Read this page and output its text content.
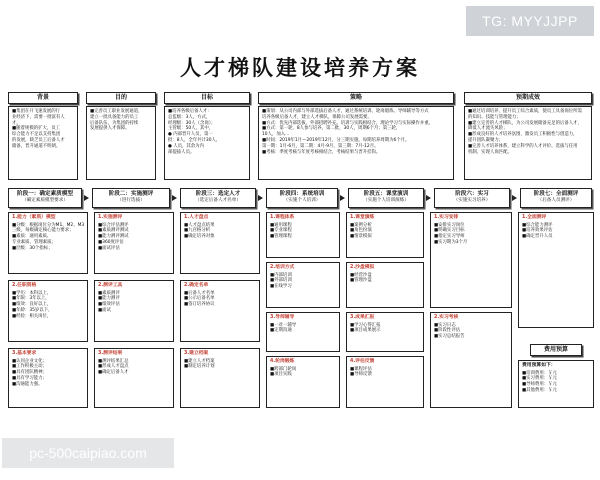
TG: MYYJJPP
人才梯队建设培养方案
背景	目的	目标	策略	预期成效
■集团在开飞速发展的行
业经济下，需要一批富有人
才。
■随着规模的扩大，员工
综合能力不足以支持集团
的发展，缺乏员工后备人才
储备，晋升通道不明朗。
■完善员工职业发展通道，
建立一批具备能力的员工
后备队伍，为集团的持续
发展提供人才保障。
■培养各级后备人才：
总监级：3人，方式，
经理级：30人（含岗）；
主管级：50人，其中，
● 内部晋升人员，第一
批：8人，全年共计30人，
● 人员，其余为内
部提拔人员。
■策划：从公司内部与外部选拔后备人才，通过系统培训、轮岗锻炼、导师辅导等方式
培养各级后备人才，建立人才梯队，保障公司发展需要。
■方式：优先内部选拔，外部招聘补充。培训与实践相结合，理论学习与实际操作并重。
■方式：第一轮，8人参与培养，第二批，30人，周期6个月；第三轮，
10人，加入...
■时间：2019年1月—2019年12月，分三期实施，每期培养周期为6个月。
第一期：1月-6月，第二期：4月-9月，第三期：7月-12月。
■考核：季度考核与年度考核相结合，考核结果与晋升挂钩。
■通过培训培养，提升员工综合素质，使员工具备岗位所需
的知识、技能与管理能力；
■建立完善的人才梯队，为公司发展储备充足的后备人才，
降低人才流失风险；
■形成良好的人才培养氛围，激发员工积极性与创造力，
提升团队凝聚力；
■完善人才培养体系，建立科学的人才评价、选拔与任用
机制，实现人岗匹配。
阶段一：确定素质模型
（确定素质模型要求）
阶段二：实施测评
（进行选拔）
阶段三：选定人才
（选定后备人才名单）
阶段四：系统培训
（实施个人培训）
阶段五：课堂演训
（实施个人培训演练）
阶段六：实习
（实施实习培养）
阶段七：全面测评
（后备人员测评）
1.能力（素质）模型
■分级：根据岗位分为M1、M2、M3
三级，每级确定核心能力要求；
■素质：通用素质、
专业素质、管理素质；
■层级：30个指标；
2.任职资格
■学历：本科以上，
■年限：3年以上，
■绩效：良好以上，
■年龄：35岁以下，
■经验：相关岗位，
3.基本要求
■认同企业文化；
■工作积极主动；
■具有团队精神；
■具有学习能力；
■沟通能力强。
1.实施测评
■综合评估测评
■素质测评测试
■能力测评测试
■360度评估
■面试评估
2.测评工具
■素质测评
■能力测评
■绩效评估
■面试
3.测评结果
■测评结果汇总
■形成人才盘点
■确定后备人才
1.人才盘点
■人才盘点结果
■九宫格分析
■确定培养对象
2.确定名单
■后备人才名单
■公示后备名单
■签订培养协议
3.建立档案
■建立人才档案
■制定培养计划
1.课程体系
■通用课程
■专业课程
■管理课程
2.培训方式
■内部培训
■外部培训
■在线学习
3.导师辅导
■一对一辅导
■定期沟通
4.轮岗锻炼
■跨部门轮岗
■项目实践
1.课堂演练
■案例分析
■角色扮演
■情景模拟
2.沙盘模拟
■经营沙盘
■管理沙盘
3.成果汇报
■学习心得汇报
■项目成果展示
4.评估反馈
■课程评估
■导师反馈
1.实习安排
■安排实习岗位
■明确实习目标
■指定实习导师
■实习期为3个月
2.实习考核
■实习日志
■阶段性评估
■实习总结报告
1.全面测评
■综合能力测评
■培养效果评估
■确定晋升人员
费用预算
费用预算如下：
■培训费用：￥元
■实习费用：￥元
■导师费用：￥元
■其他费用：￥元
pc-500caipiao.com
